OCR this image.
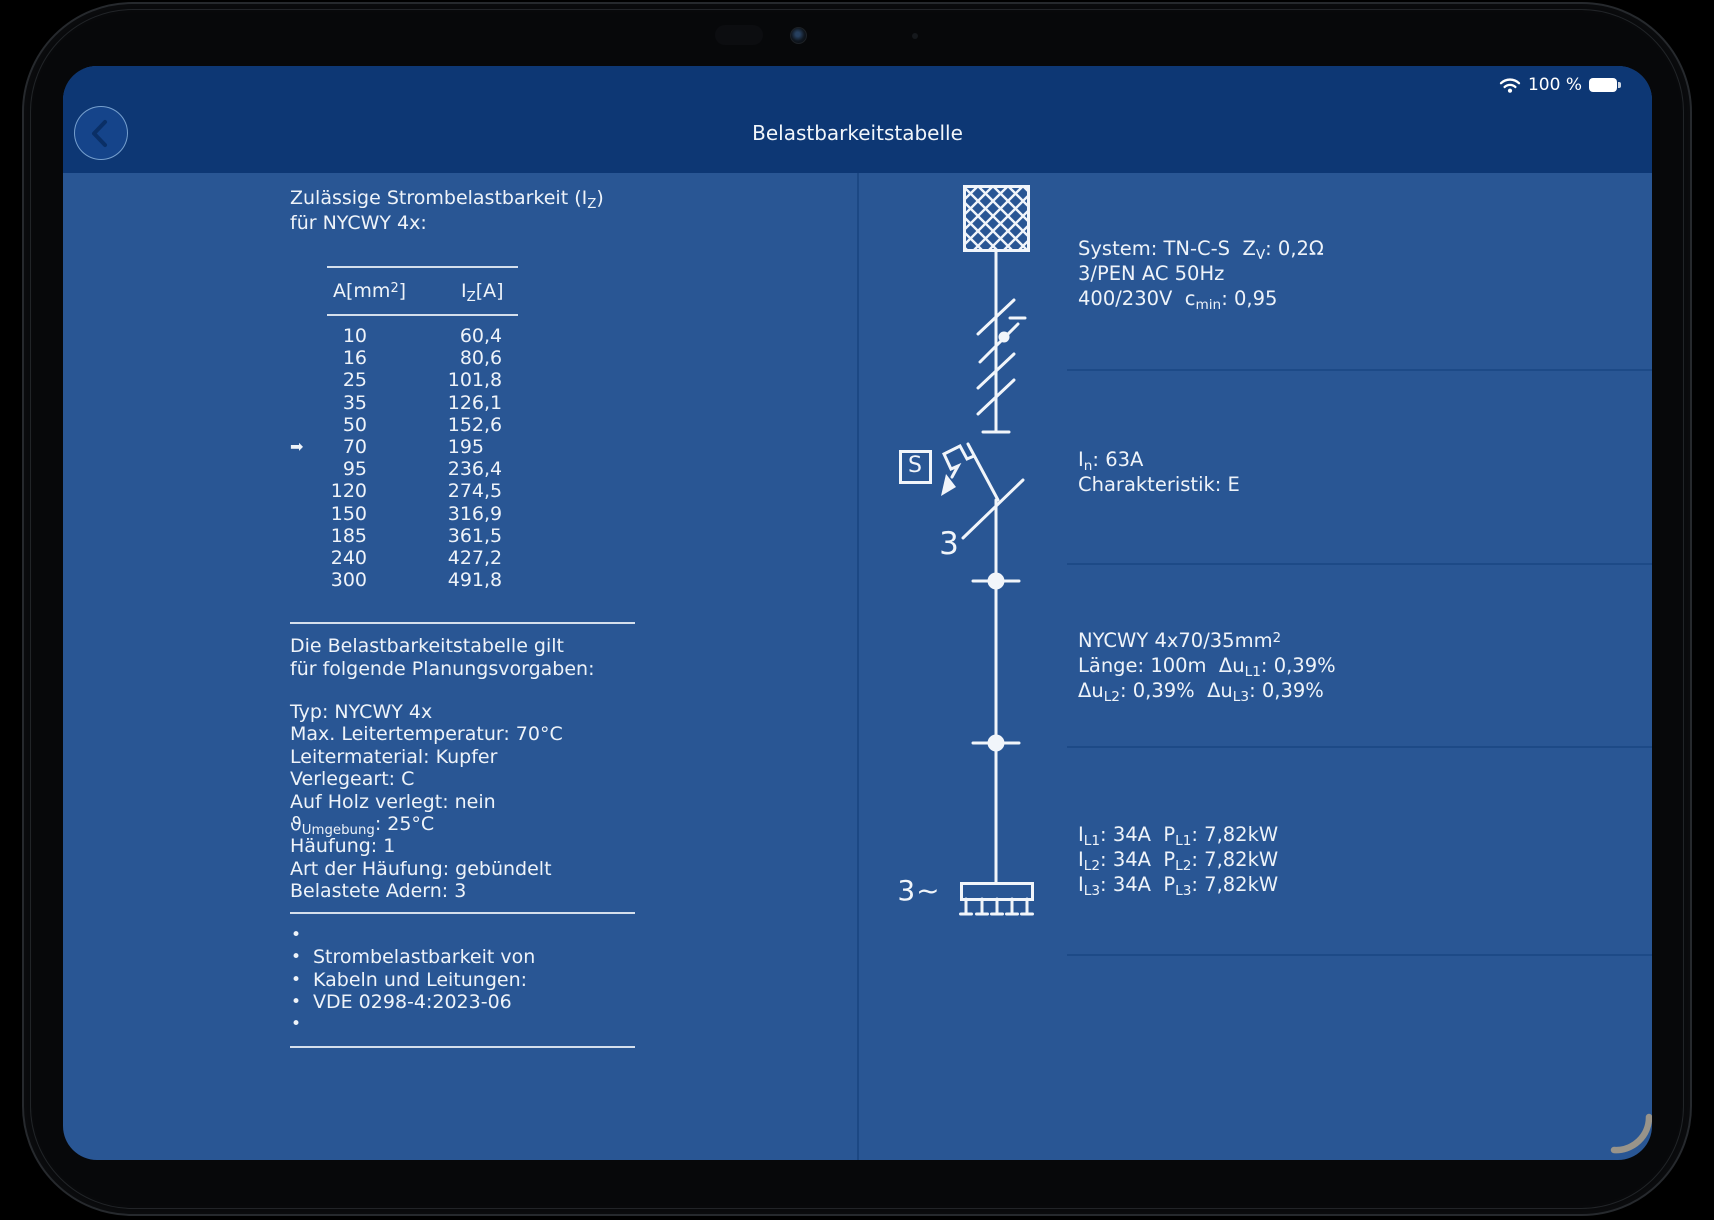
100 %
Belastbarkeitstabelle
Zulässige Strombelastbarkeit $(I_Z)$
für NYCWY 4x:
$A[mm^2]$	$I_Z[A]$
10	60 ,4
16	80 ,6
25	101 ,8
35	126 ,1
50	152 ,6
➡	70	195
95	236 ,4
120	274 ,5
150	316 ,9
185	361 ,5
240	427 ,2
300	491 ,8
Die Belastbarkeitstabelle gilt
für folgende Planungsvorgaben:
Typ: NYCWY 4x
Max. Leitertemperatur: 70°C
Leitermaterial: Kupfer
Verlegeart: C
Auf Holz verlegt: nein
$ϑ_{Umgebung}$: 25°C
Häufung: 1
Art der Häufung: gebündelt
Belastete Adern: 3
•
• Strombelastbarkeit von
• Kabeln und Leitungen:
• VDE 0298-4:2023-06
•
System: TN-C-S  $Z_V$: 0,2Ω
3/PEN AC 50Hz
400/230V  $c_{min}$: 0,95
$I_n$: 63A
Charakteristik: E
NYCWY $4x70/35mm^2$
Länge: 100m  $\Delta u_{L1}$: 0,39%
$\Delta u_{L2}$: 0,39%  $\Delta u_{L3}$: 0,39%
$I_{L1}$: 34A  $P_{L1}$: 7,82kW
$I_{L2}$: 34A  $P_{L2}$: 7,82kW
$I_{L3}$: 34A  $P_{L3}$: 7,82kW
S
3
3~
